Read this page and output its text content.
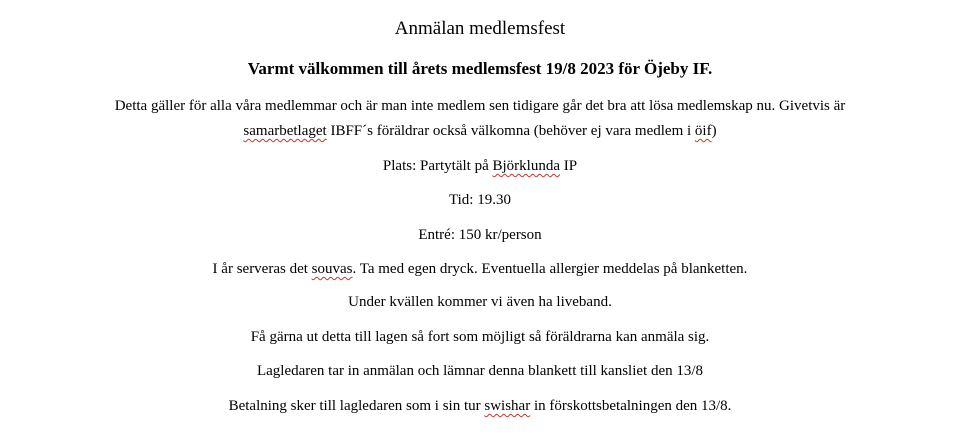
Anmälan medlemsfest
Varmt välkommen till årets medlemsfest 19/8 2023 för Öjeby IF.
Detta gäller för alla våra medlemmar och är man inte medlem sen tidigare går det bra att lösa medlemskap nu. Givetvis är
samarbetlaget IBFF´s föräldrar också välkomna (behöver ej vara medlem i öif)
Plats: Partytält på Björklunda IP
Tid: 19.30
Entré: 150 kr/person
I år serveras det souvas. Ta med egen dryck. Eventuella allergier meddelas på blanketten.
Under kvällen kommer vi även ha liveband.
Få gärna ut detta till lagen så fort som möjligt så föräldrarna kan anmäla sig.
Lagledaren tar in anmälan och lämnar denna blankett till kansliet den 13/8
Betalning sker till lagledaren som i sin tur swishar in förskottsbetalningen den 13/8.
